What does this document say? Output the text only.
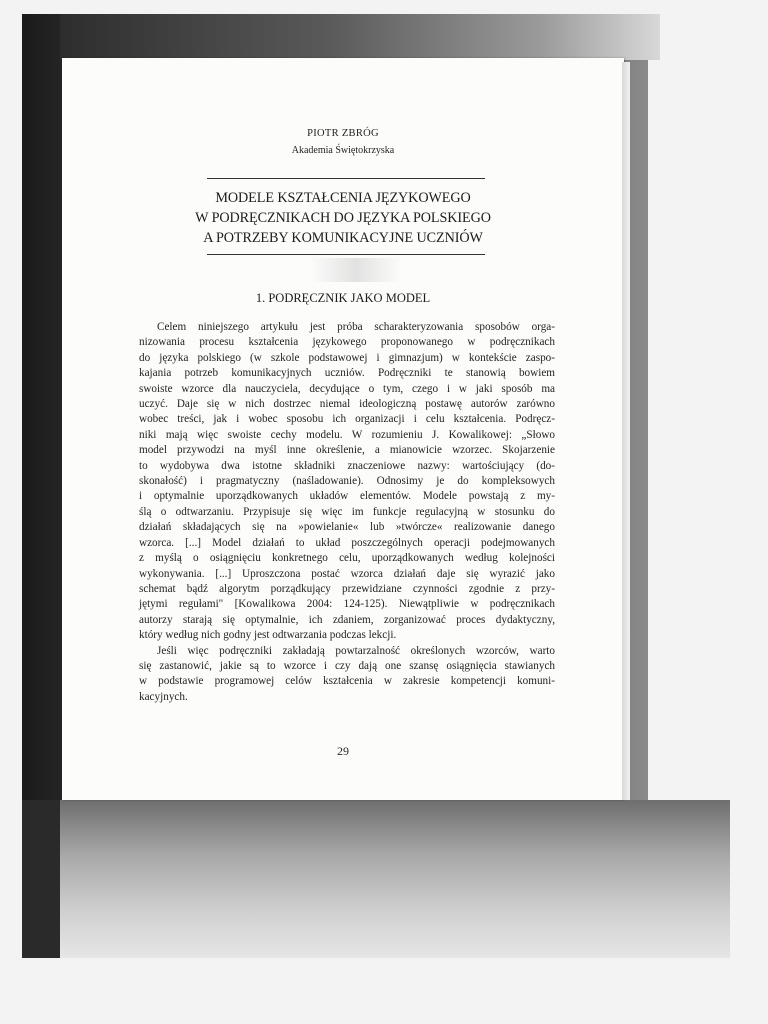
PIOTR ZBRÓG
Akademia Świętokrzyska
MODELE KSZTAŁCENIA JĘZYKOWEGO
W PODRĘCZNIKACH DO JĘZYKA POLSKIEGO
A POTRZEBY KOMUNIKACYJNE UCZNIÓW
1. PODRĘCZNIK JAKO MODEL

Celem niniejszego artykułu jest próba scharakteryzowania sposobów orga-
nizowania procesu kształcenia językowego proponowanego w podręcznikach
do języka polskiego (w szkole podstawowej i gimnazjum) w kontekście zaspo-
kajania potrzeb komunikacyjnych uczniów. Podręczniki te stanowią bowiem
swoiste wzorce dla nauczyciela, decydujące o tym, czego i w jaki sposób ma
uczyć. Daje się w nich dostrzec niemal ideologiczną postawę autorów zarówno
wobec treści, jak i wobec sposobu ich organizacji i celu kształcenia. Podręcz-
niki mają więc swoiste cechy modelu. W rozumieniu J. Kowalikowej: „Słowo
model przywodzi na myśl inne określenie, a mianowicie wzorzec. Skojarzenie
to wydobywa dwa istotne składniki znaczeniowe nazwy: wartościujący (do-
skonałość) i pragmatyczny (naśladowanie). Odnosimy je do kompleksowych
i optymalnie uporządkowanych układów elementów. Modele powstają z my-
ślą o odtwarzaniu. Przypisuje się więc im funkcje regulacyjną w stosunku do
działań składających się na »powielanie« lub »twórcze« realizowanie danego
wzorca. [...] Model działań to układ poszczególnych operacji podejmowanych
z myślą o osiągnięciu konkretnego celu, uporządkowanych według kolejności
wykonywania. [...] Uproszczona postać wzorca działań daje się wyrazić jako
schemat bądź algorytm porządkujący przewidziane czynności zgodnie z przy-
jętymi regułami" [Kowalikowa 2004: 124-125). Niewątpliwie w podręcznikach
autorzy starają się optymalnie, ich zdaniem, zorganizować proces dydaktyczny,
który według nich godny jest odtwarzania podczas lekcji.

Jeśli więc podręczniki zakładają powtarzalność określonych wzorców, warto
się zastanowić, jakie są to wzorce i czy dają one szansę osiągnięcia stawianych
w podstawie programowej celów kształcenia w zakresie kompetencji komuni-
kacyjnych.

29
